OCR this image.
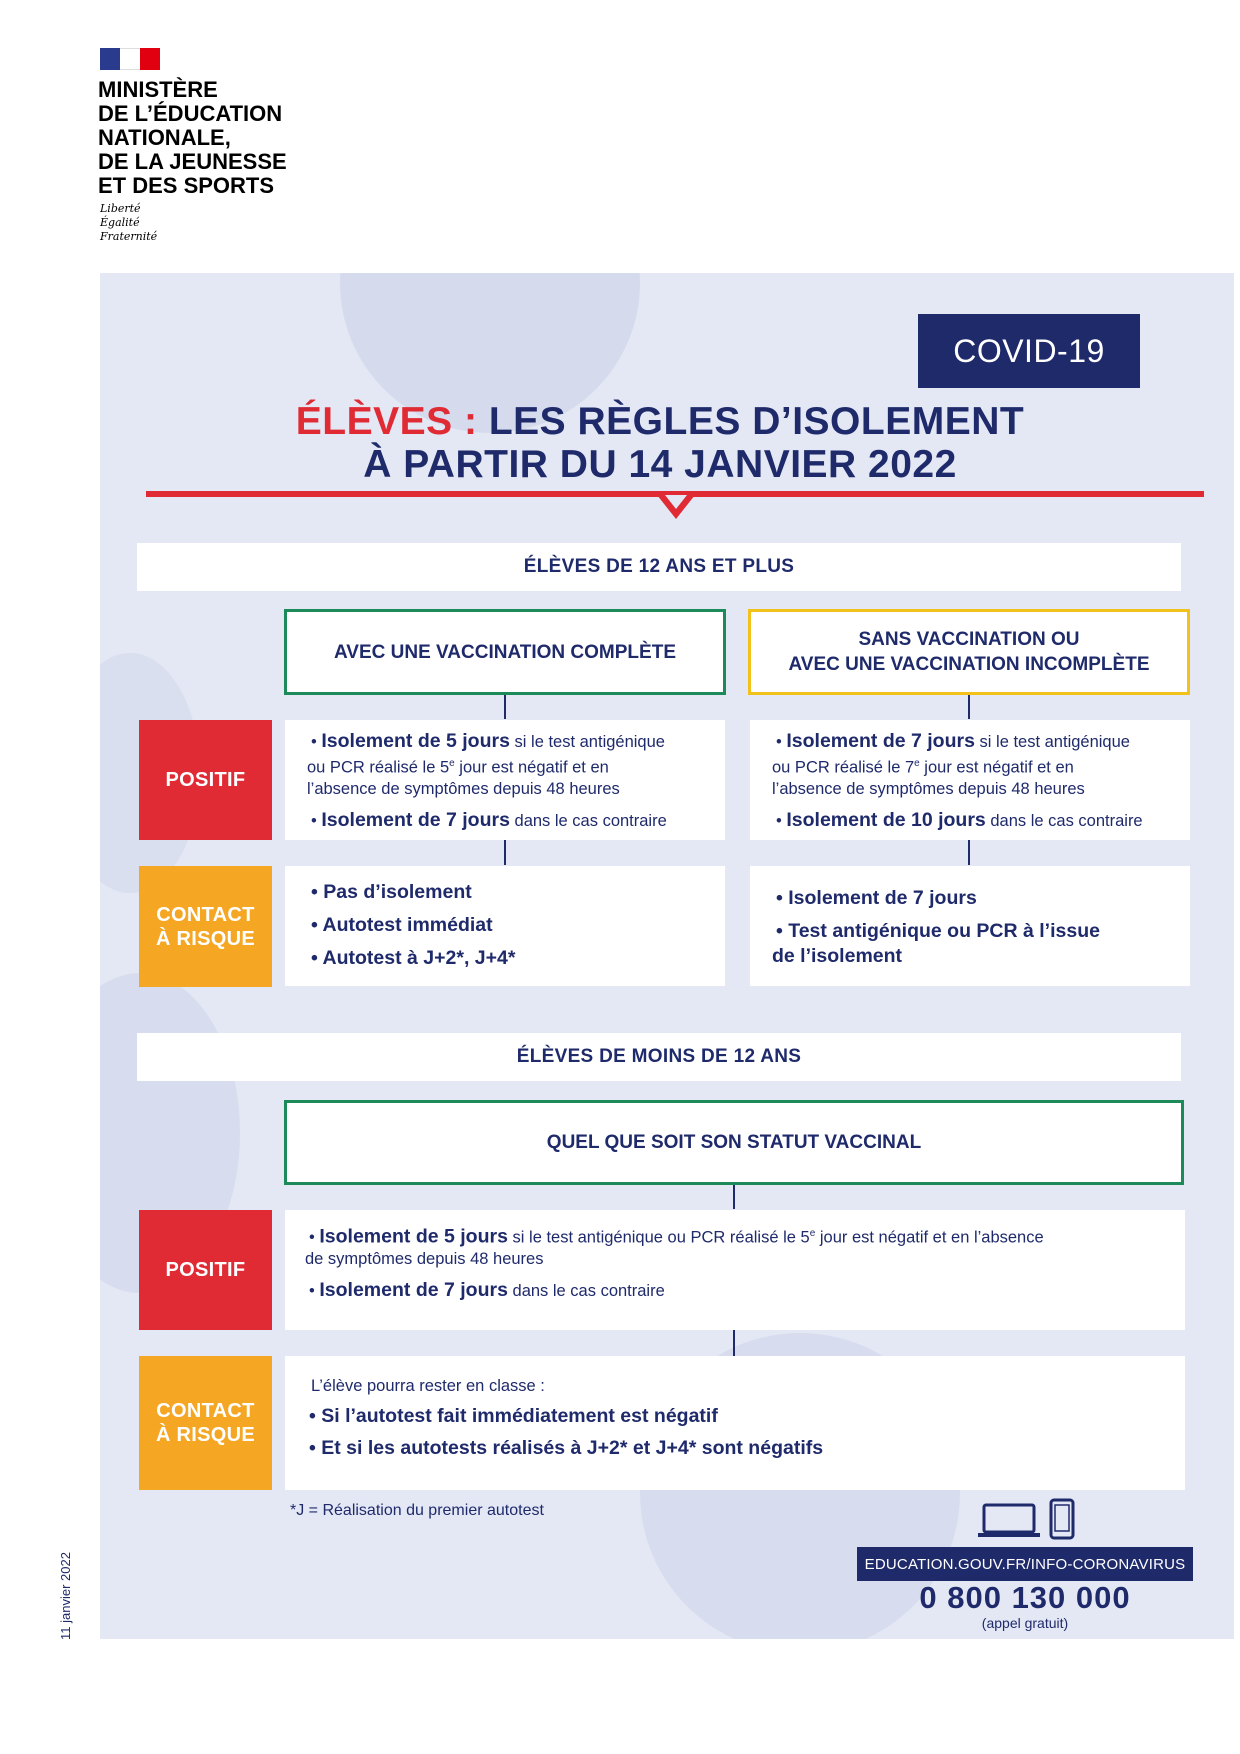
MINISTÈRE
DE L’ÉDUCATION
NATIONALE,
DE LA JEUNESSE
ET DES SPORTS
Liberté
Égalité
Fraternité
COVID-19
ÉLÈVES : LES RÈGLES D’ISOLEMENT
À PARTIR DU 14 JANVIER 2022
ÉLÈVES DE 12 ANS ET PLUS
AVEC UNE VACCINATION COMPLÈTE
SANS VACCINATION OU
AVEC UNE VACCINATION INCOMPLÈTE
POSITIF
CONTACT
À RISQUE

• Isolement de 5 jours si le test antigénique

ou PCR réalisé le 5e jour est négatif et en

l’absence de symptômes depuis 48 heures

• Isolement de 7 jours dans le cas contraire

• Isolement de 7 jours si le test antigénique

ou PCR réalisé le 7e jour est négatif et en

l’absence de symptômes depuis 48 heures

• Isolement de 10 jours dans le cas contraire

• Pas d’isolement

• Autotest immédiat

• Autotest à J+2*, J+4*

• Isolement de 7 jours

• Test antigénique ou PCR à l’issue

de l’isolement

ÉLÈVES DE MOINS DE 12 ANS
QUEL QUE SOIT SON STATUT VACCINAL
POSITIF
CONTACT
À RISQUE

• Isolement de 5 jours si le test antigénique ou PCR réalisé le 5e jour est négatif et en l’absence

de symptômes depuis 48 heures

• Isolement de 7 jours dans le cas contraire

L’élève pourra rester en classe :

• Si l’autotest fait immédiatement est négatif

• Et si les autotests réalisés à J+2* et J+4* sont négatifs

*J = Réalisation du premier autotest
EDUCATION.GOUV.FR/INFO-CORONAVIRUS
0 800 130 000
(appel gratuit)
11 janvier 2022
